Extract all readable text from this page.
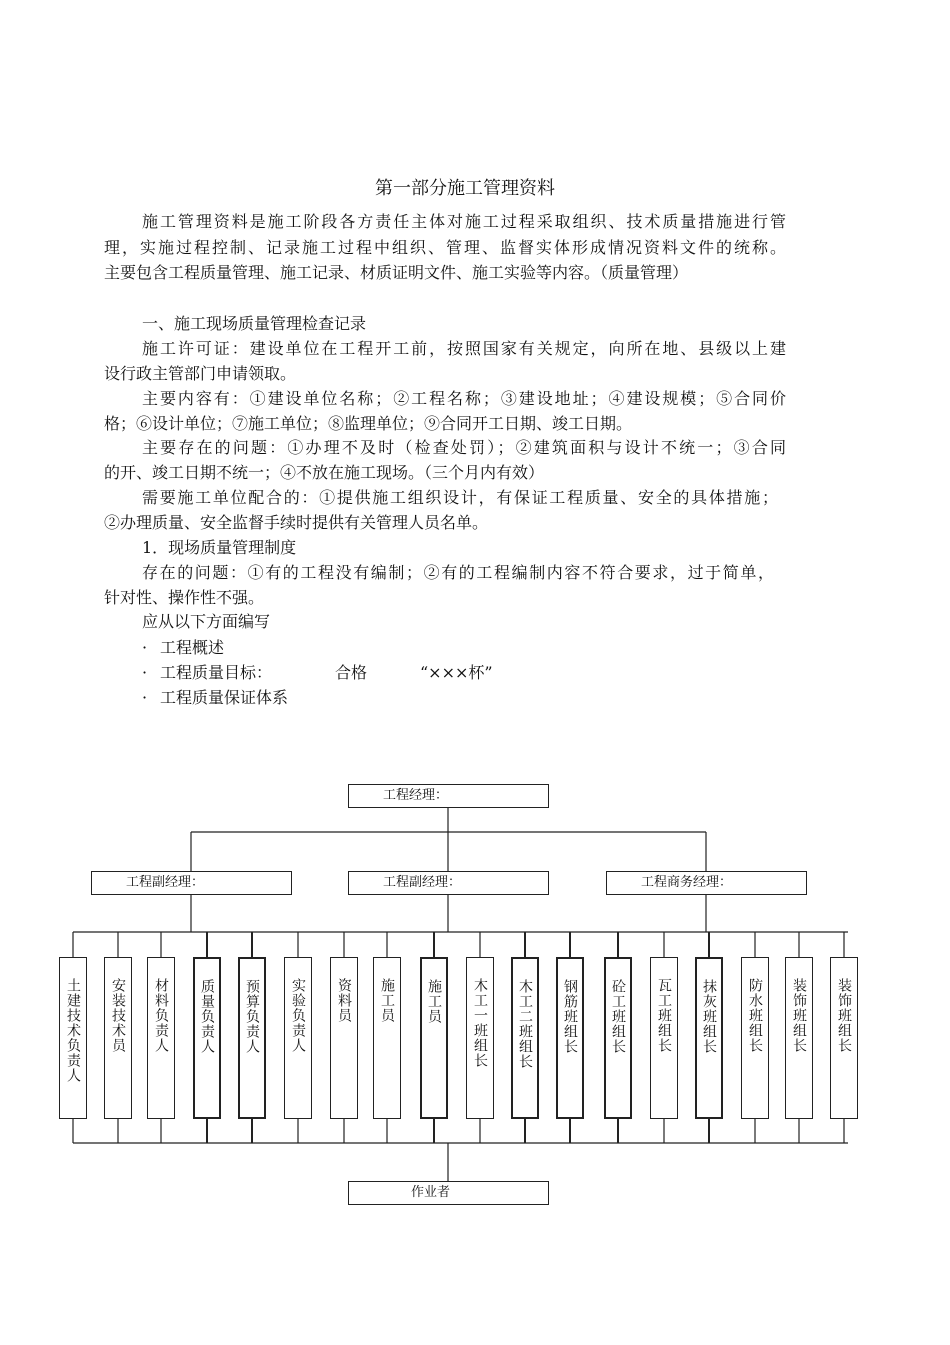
第一部分施工管理资料
施工管理资料是施工阶段各方责任主体对施工过程采取组织、技术质量措施进行管
理，实施过程控制、记录施工过程中组织、管理、监督实体形成情况资料文件的统称。
主要包含工程质量管理、施工记录、材质证明文件、施工实验等内容。（质量管理）
一、施工现场质量管理检查记录
施工许可证：建设单位在工程开工前，按照国家有关规定，向所在地、县级以上建
设行政主管部门申请领取。
主要内容有：①建设单位名称；②工程名称；③建设地址；④建设规模；⑤合同价
格；⑥设计单位；⑦施工单位；⑧监理单位；⑨合同开工日期、竣工日期。
主要存在的问题：①办理不及时（检查处罚）；②建筑面积与设计不统一；③合同
的开、竣工日期不统一；④不放在施工现场。（三个月内有效）
需要施工单位配合的：①提供施工组织设计，有保证工程质量、安全的具体措施；
②办理质量、安全监督手续时提供有关管理人员名单。
1．现场质量管理制度
存在的问题：①有的工程没有编制；②有的工程编制内容不符合要求，过于简单，
针对性、操作性不强。
应从以下方面编写
· 工程概述
· 工程质量目标：	合格	“×××杯”
· 工程质量保证体系
工程经理：
工程副经理：	工程副经理：	工程商务经理：
土建技术负责人 安装技术员 材料负责人 质量负责人 预算负责人 实验负责人 资料员 施工员 施工员 木工一班组长 木工二班组长 钢筋班组长 砼工班组长 瓦工班组长 抹灰班组长 防水班组长 装饰班组长 装饰班组长
作业者
